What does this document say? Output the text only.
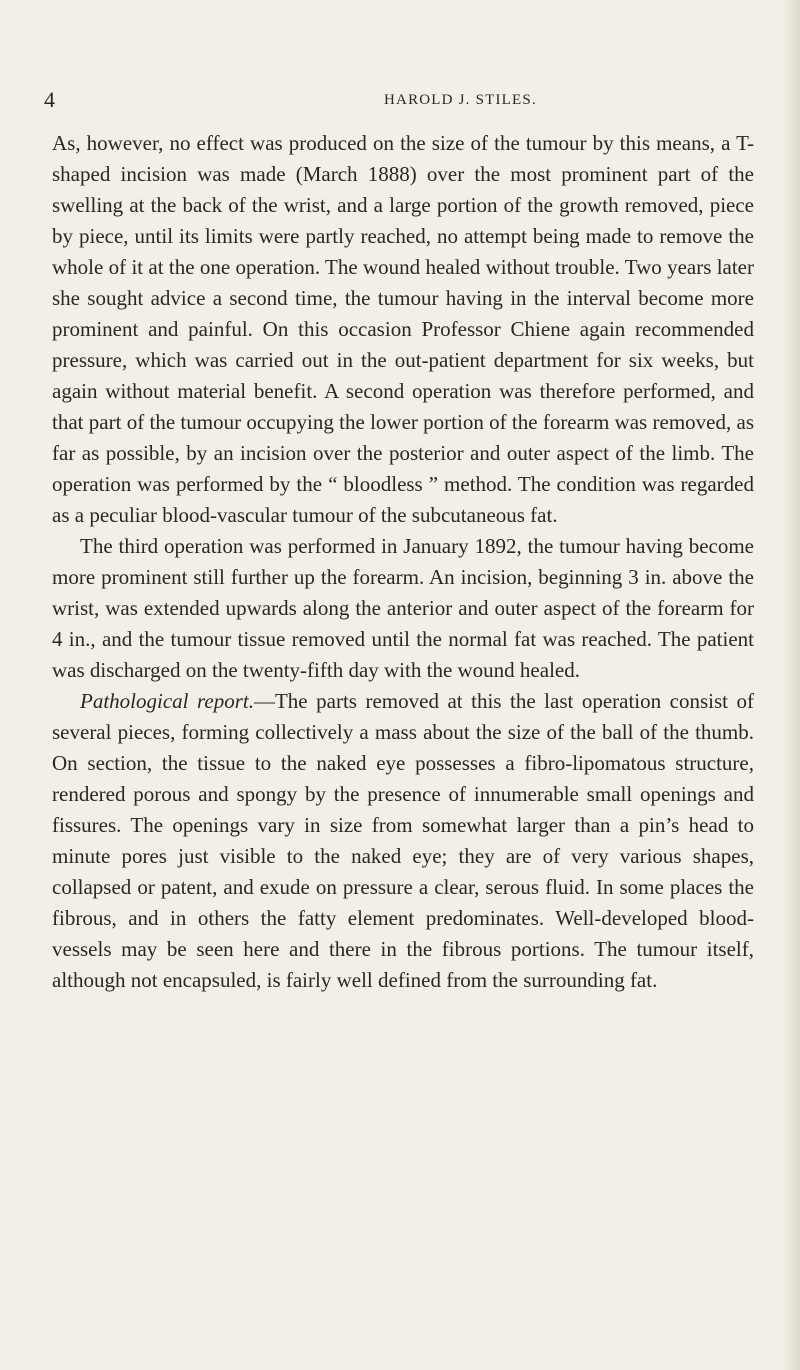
4	HAROLD J. STILES.

As, however, no effect was produced on the size of the tumour by this means, a T-shaped incision was made (March 1888) over the most prominent part of the swelling at the back of the wrist, and a large portion of the growth removed, piece by piece, until its limits were partly reached, no attempt being made to remove the whole of it at the one operation. The wound healed without trouble. Two years later she sought advice a second time, the tumour having in the interval become more prominent and painful. On this occasion Professor Chiene again recommended pressure, which was carried out in the out-patient department for six weeks, but again without material benefit. A second operation was therefore performed, and that part of the tumour occupying the lower portion of the forearm was removed, as far as possible, by an incision over the posterior and outer aspect of the limb. The operation was performed by the “ bloodless ” method. The condition was regarded as a peculiar blood-vascular tumour of the subcutaneous fat.

The third operation was performed in January 1892, the tumour having become more prominent still further up the forearm. An incision, beginning 3 in. above the wrist, was extended upwards along the anterior and outer aspect of the forearm for 4 in., and the tumour tissue removed until the normal fat was reached. The patient was discharged on the twenty-fifth day with the wound healed.

Pathological report.—The parts removed at this the last operation consist of several pieces, forming collectively a mass about the size of the ball of the thumb. On section, the tissue to the naked eye possesses a fibro-lipomatous structure, rendered porous and spongy by the presence of innumerable small openings and fissures. The openings vary in size from somewhat larger than a pin’s head to minute pores just visible to the naked eye; they are of very various shapes, collapsed or patent, and exude on pressure a clear, serous fluid. In some places the fibrous, and in others the fatty element predominates. Well-developed blood-vessels may be seen here and there in the fibrous portions. The tumour itself, although not encapsuled, is fairly well defined from the surrounding fat.
